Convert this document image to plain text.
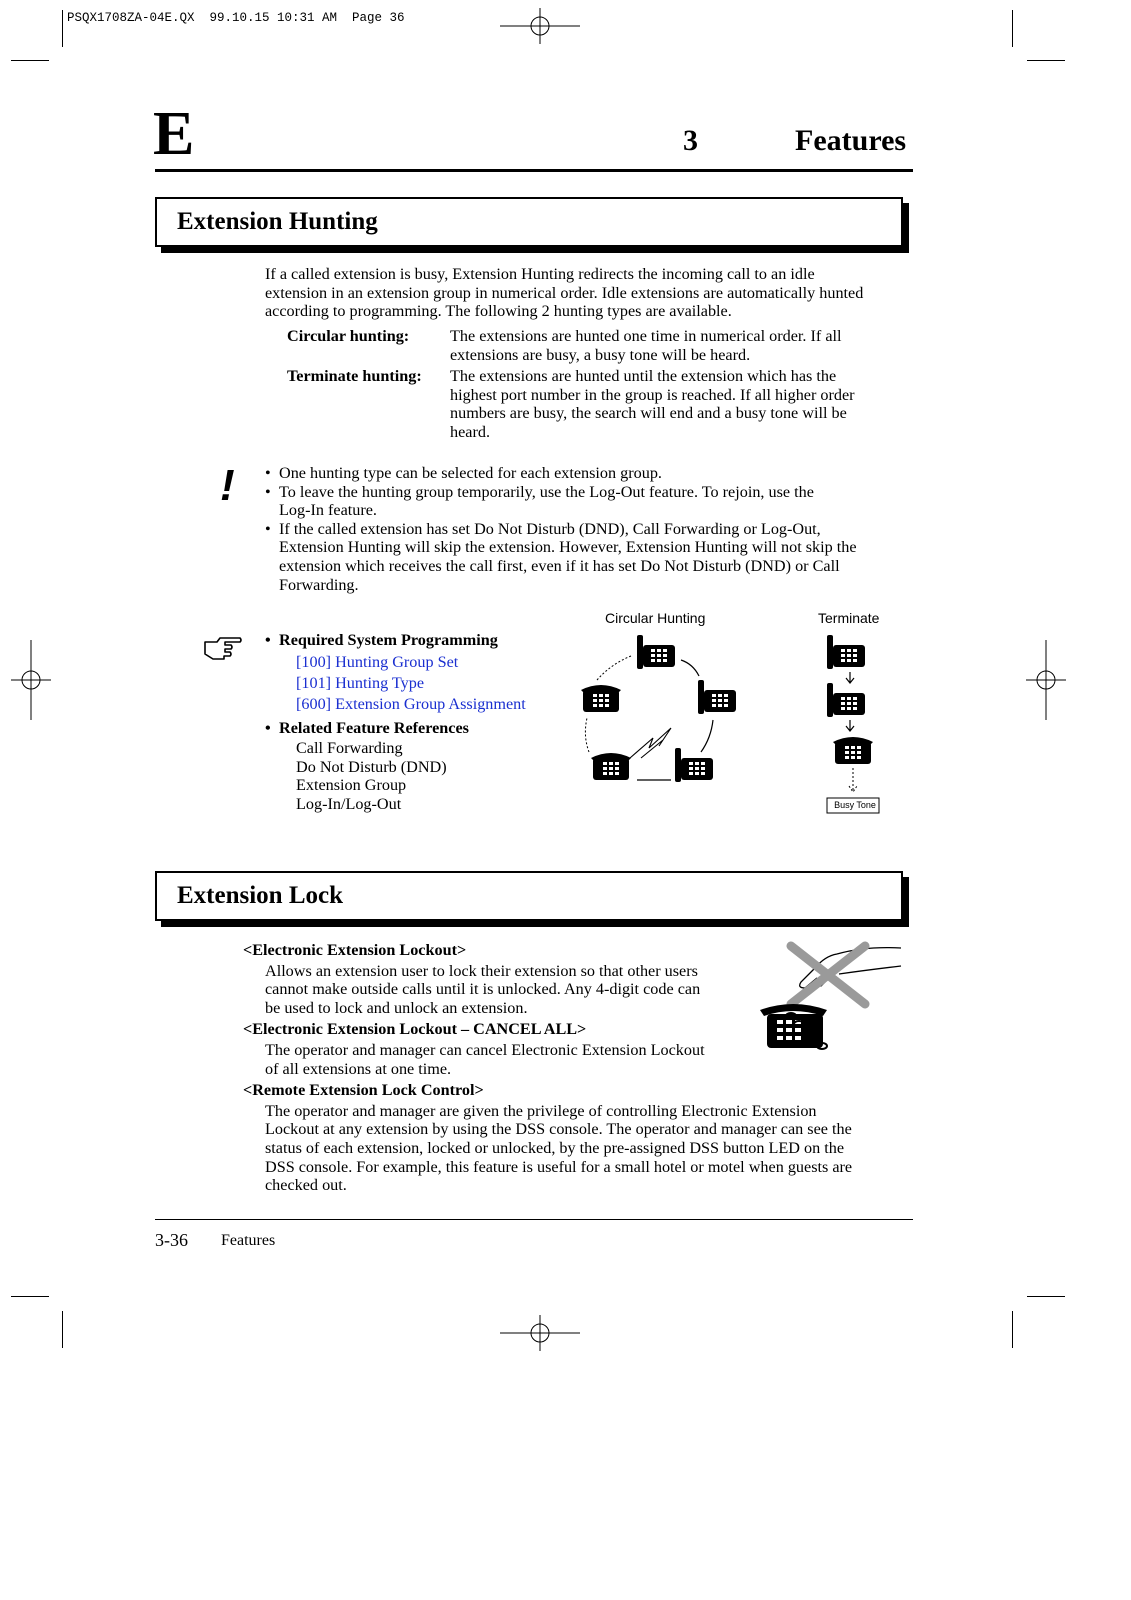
PSQX1708ZA-04E.QX  99.10.15 10:31 AM  Page 36
E	3	Features
Extension Hunting
If a called extension is busy, Extension Hunting redirects the incoming call to an idle
extension in an extension group in numerical order. Idle extensions are automatically hunted
according to programming. The following 2 hunting types are available.
Circular hunting:	The extensions are hunted one time in numerical order. If all
extensions are busy, a busy tone will be heard.
Terminate hunting: The extensions are hunted until the extension which has the
highest port number in the group is reached. If all higher order
numbers are busy, the search will end and a busy tone will be
heard.
!
•	One hunting type can be selected for each extension group.
• To leave the hunting group temporarily, use the Log-Out feature. To rejoin, use the
Log-In feature.
• If the called extension has set Do Not Disturb (DND), Call Forwarding or Log-Out,
Extension Hunting will skip the extension. However, Extension Hunting will not skip the
extension which receives the call first, even if it has set Do Not Disturb (DND) or Call
Forwarding.
• Required System Programming
[100] Hunting Group Set
[101] Hunting Type
[600] Extension Group Assignment
• Related Feature References
Call Forwarding
Do Not Disturb (DND)
Extension Group
Log-In/Log-Out
Circular Hunting	Terminate
Busy Tone
Extension Lock
<Electronic Extension Lockout>
Allows an extension user to lock their extension so that other users
cannot make outside calls until it is unlocked. Any 4-digit code can
be used to lock and unlock an extension.
<Electronic Extension Lockout – CANCEL ALL>
The operator and manager can cancel Electronic Extension Lockout
of all extensions at one time.
<Remote Extension Lock Control>
The operator and manager are given the privilege of controlling Electronic Extension
Lockout at any extension by using the DSS console. The operator and manager can see the
status of each extension, locked or unlocked, by the pre-assigned DSS button LED on the
DSS console. For example, this feature is useful for a small hotel or motel when guests are
checked out.
3-36 Features
